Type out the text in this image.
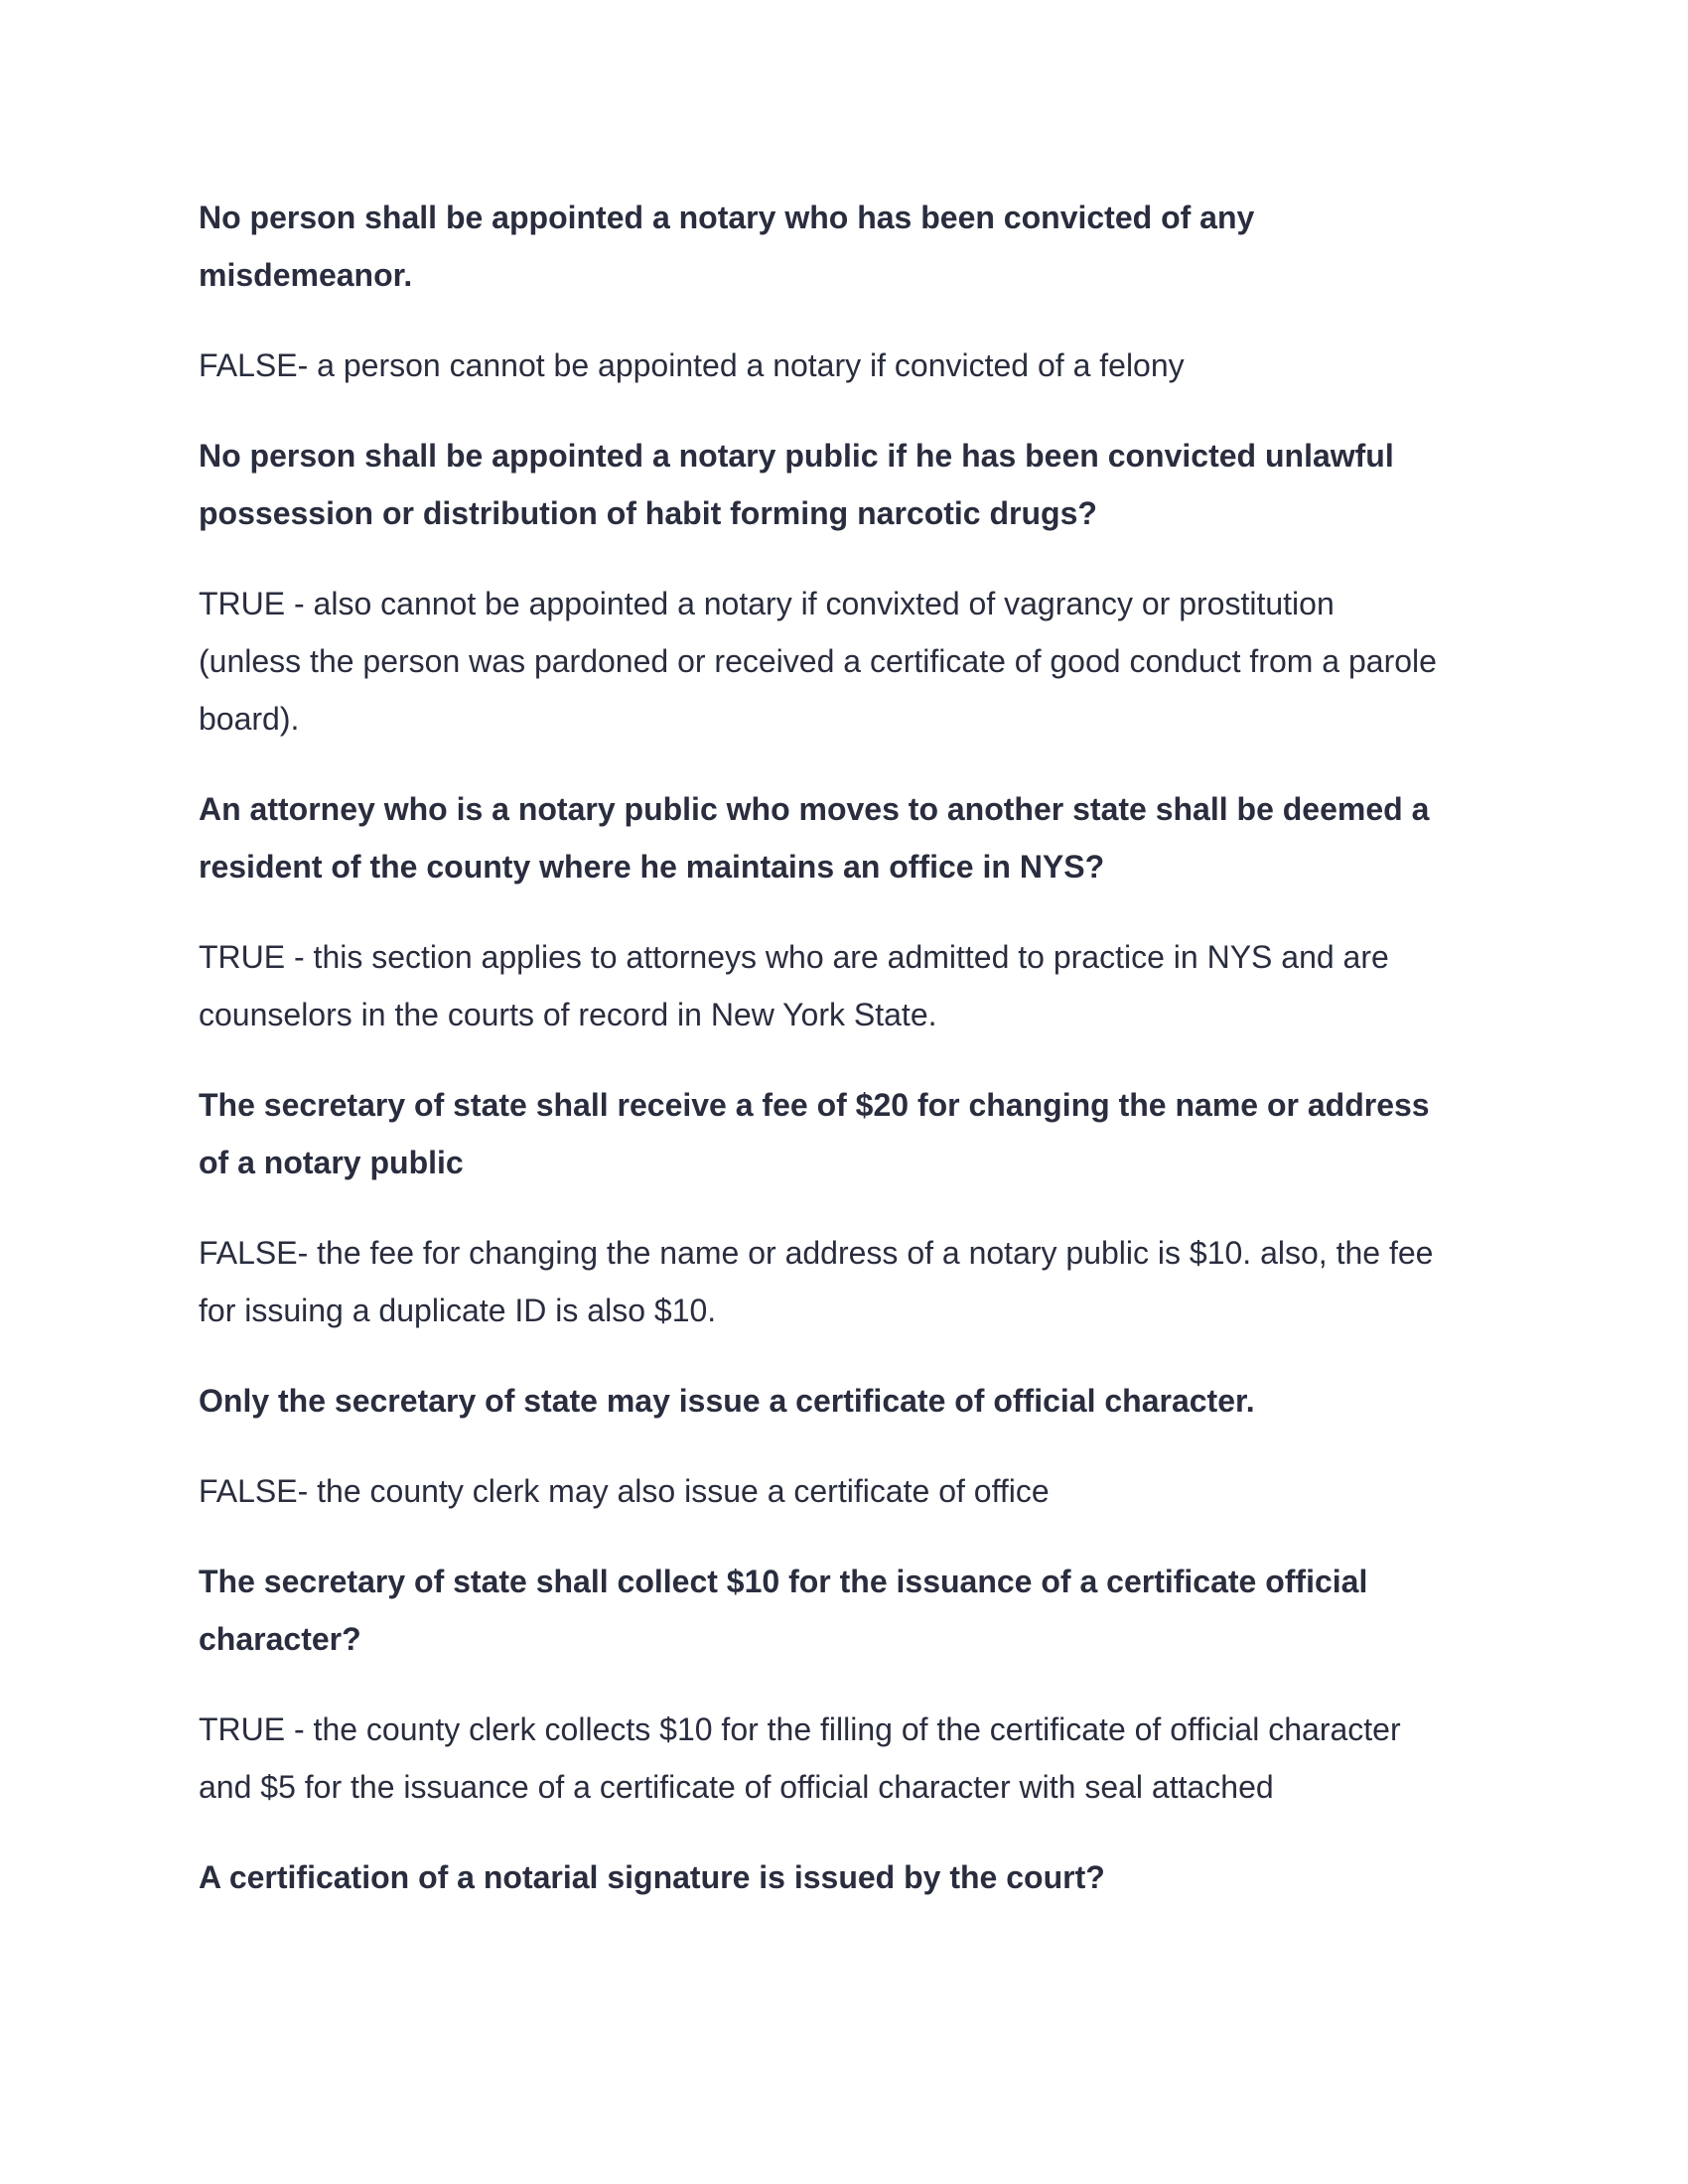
No person shall be appointed a notary who has been convicted of any
misdemeanor.

FALSE- a person cannot be appointed a notary if convicted of a felony

No person shall be appointed a notary public if he has been convicted unlawful
possession or distribution of habit forming narcotic drugs?

TRUE - also cannot be appointed a notary if convixted of vagrancy or prostitution
(unless the person was pardoned or received a certificate of good conduct from a parole
board).

An attorney who is a notary public who moves to another state shall be deemed a
resident of the county where he maintains an office in NYS?

TRUE - this section applies to attorneys who are admitted to practice in NYS and are
counselors in the courts of record in New York State.

The secretary of state shall receive a fee of $20 for changing the name or address
of a notary public

FALSE- the fee for changing the name or address of a notary public is $10. also, the fee
for issuing a duplicate ID is also $10.

Only the secretary of state may issue a certificate of official character.

FALSE- the county clerk may also issue a certificate of office

The secretary of state shall collect $10 for the issuance of a certificate official
character?

TRUE - the county clerk collects $10 for the filling of the certificate of official character
and $5 for the issuance of a certificate of official character with seal attached

A certification of a notarial signature is issued by the court?
